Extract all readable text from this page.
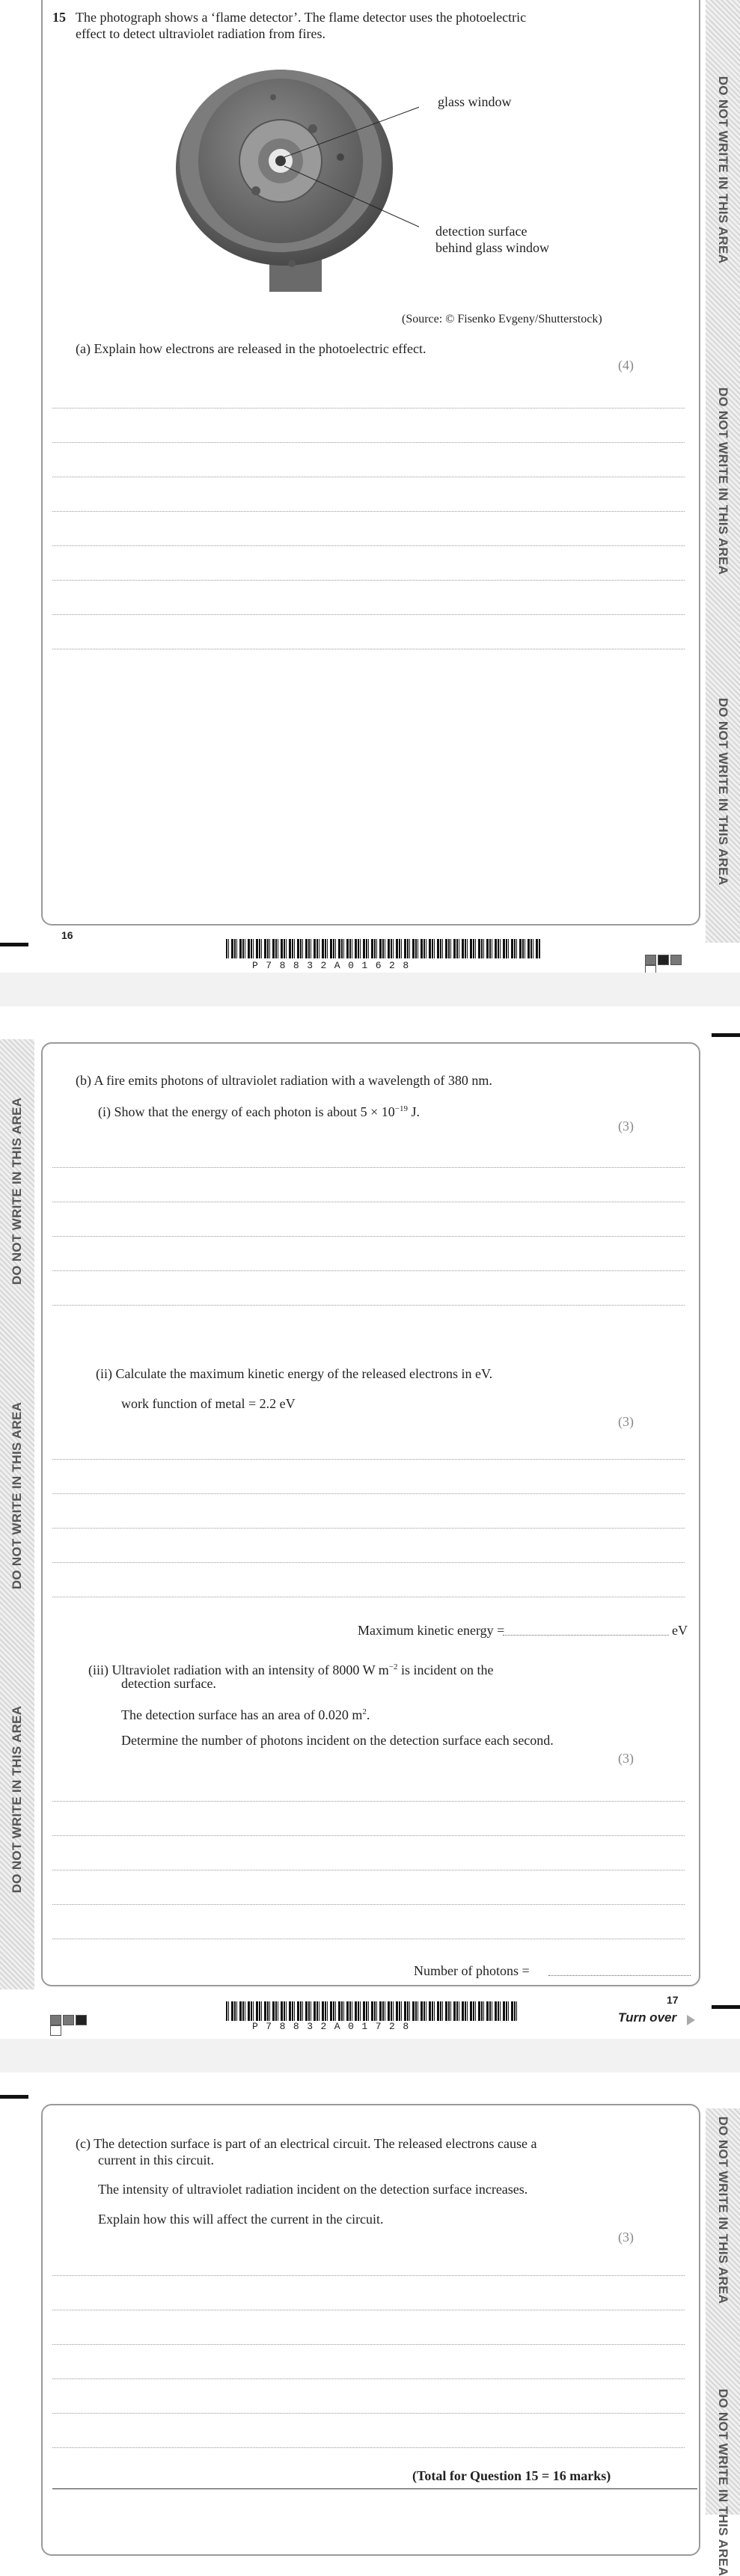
DO NOT WRITE IN THIS AREA
DO NOT WRITE IN THIS AREA
DO NOT WRITE IN THIS AREA
15 The photograph shows a ‘flame detector’. The flame detector uses the photoelectric
effect to detect ultraviolet radiation from fires.
glass window
detection surface
behind glass window
(Source: © Fisenko Evgeny/Shutterstock)
(a) Explain how electrons are released in the photoelectric effect.
(4)
16
P78832A01628
DO NOT WRITE IN THIS AREA
DO NOT WRITE IN THIS AREA
DO NOT WRITE IN THIS AREA
(b) A fire emits photons of ultraviolet radiation with a wavelength of 380 nm.
(i) Show that the energy of each photon is about $5 \times 10^{-19}$ J.
(3)
(ii) Calculate the maximum kinetic energy of the released electrons in eV.
work function of metal = 2.2 eV
(3)
Maximum kinetic energy =	eV
(iii) Ultraviolet radiation with an intensity of 8000 W $m^{-2}$ is incident on the
detection surface.
The detection surface has an area of 0.020 $m^2$.
Determine the number of photons incident on the detection surface each second.
(3)
Number of photons =
P78832A01728
17
Turn over
DO NOT WRITE IN THIS AREA
DO NOT WRITE IN THIS AREA
(c) The detection surface is part of an electrical circuit. The released electrons cause a
current in this circuit.
The intensity of ultraviolet radiation incident on the detection surface increases.
Explain how this will affect the current in the circuit.
(3)
(Total for Question 15 = 16 marks)
